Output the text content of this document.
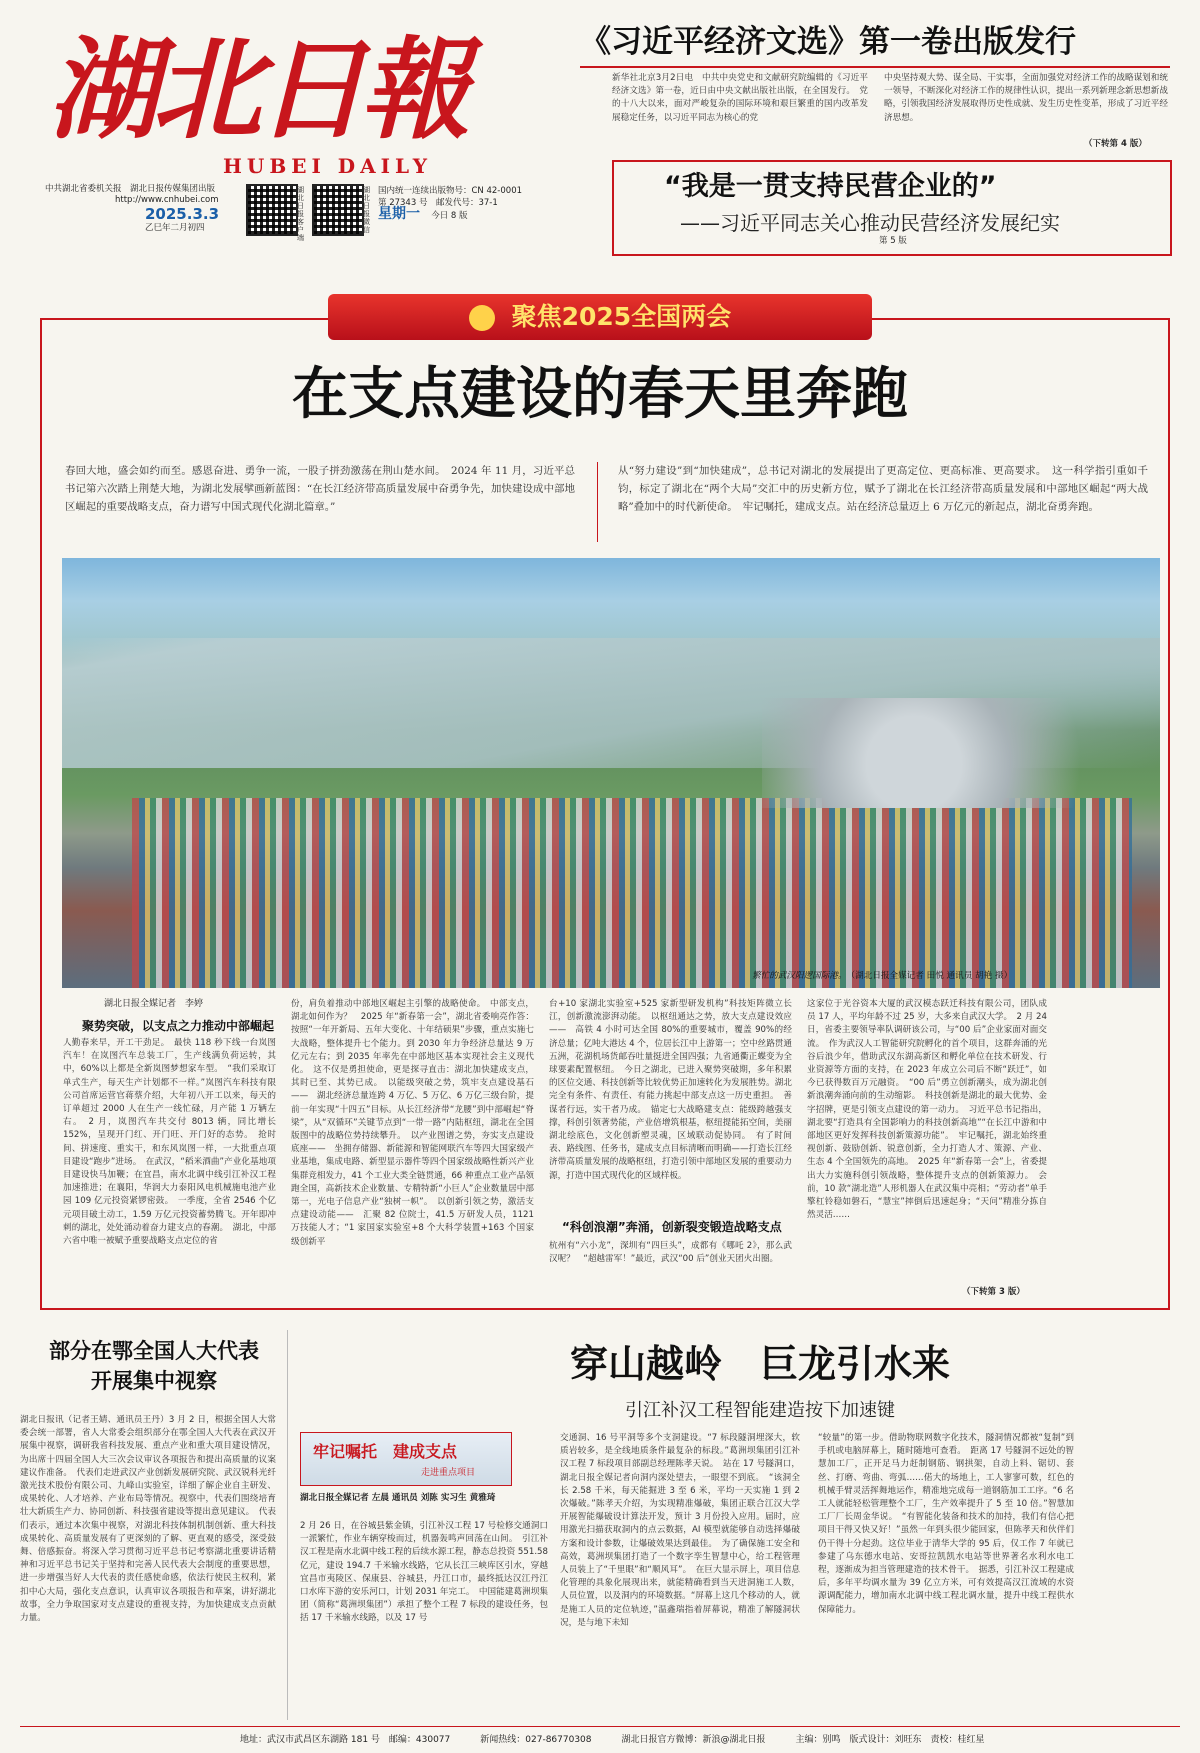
湖北日報
HUBEI DAILY
中共湖北省委机关报　 湖北日报传媒集团出版
http://www.cnhubei.com
2025.3.3
乙巳年二月初四
湖北日报客户端
湖北日报微信
国内统一连续出版物号：CN 42-0001
第 27343 号　邮发代号：37-1
星期一 　 今日 8 版
《习近平经济文选》第一卷出版发行
新华社北京3月2日电　中共中央党史和文献研究院编辑的《习近平经济文选》第一卷，近日由中央文献出版社出版，在全国发行。　党的十八大以来，面对严峻复杂的国际环境和艰巨繁重的国内改革发展稳定任务，以习近平同志为核心的党
中央坚持观大势、谋全局、干实事，全面加强党对经济工作的战略谋划和统一领导，不断深化对经济工作的规律性认识，提出一系列新理念新思想新战略，引领我国经济发展取得历史性成就、发生历史性变革，形成了习近平经济思想。
（下转第 4 版）
“我是一贯支持民营企业的”
——习近平同志关心推动民营经济发展纪实
第 5 版
聚焦2025全国两会
在支点建设的春天里奔跑
春回大地，盛会如约而至。感恩奋进、勇争一流，一股子拼劲激荡在荆山楚水间。　2024 年 11 月，习近平总书记第六次踏上荆楚大地，为湖北发展擘画新蓝图：“在长江经济带高质量发展中奋勇争先，加快建设成中部地区崛起的重要战略支点，奋力谱写中国式现代化湖北篇章。”
从“努力建设”到“加快建成”，总书记对湖北的发展提出了更高定位、更高标准、更高要求。　这一科学指引重如千钧，标定了湖北在“两个大局”交汇中的历史新方位，赋予了湖北在长江经济带高质量发展和中部地区崛起“两大战略”叠加中的时代新使命。　牢记嘱托，建成支点。站在经济总量迈上 6 万亿元的新起点，湖北奋勇奔跑。
繁忙的武汉阳逻国际港。　 （湖北日报全媒记者 田悦 通讯员 胡艳 摄）
湖北日报全媒记者　李婷
聚势突破，以支点之力推动中部崛起
人勤春来早，开工干劲足。　最快 118 秒下线一台岚图汽车！在岚图汽车总装工厂，生产线满负荷运转，其中，60%以上都是全新岚图梦想家车型。　“我们采取订单式生产，每天生产计划都不一样。”岚图汽车科技有限公司首席运营官蒋蔡介绍，大年初八开工以来，每天的订单超过 2000 人在生产一线忙碌，月产能 1 万辆左右。　2 月，岚图汽车共交付 8013 辆，同比增长 152%，呈现开门红、开门旺、开门好的态势。　抢时间、拼速度、重实干，和东风岚图一样，一大批重点项目建设“跑步”进场。　在武汉，“稻米酒曲”产业化基地项目建设快马加鞭；在宜昌，南水北调中线引江补汉工程加速推进；在襄阳，华润大力泰阳风电机械施电池产业园 109 亿元投资紧锣密鼓。　一季度，全省 2546 个亿元项目破土动工，1.59 万亿元投资蓄势腾飞。开年即冲刺的湖北，处处涌动着奋力建支点的春潮。　湖北，中部六省中唯一被赋予重要战略支点定位的省
份，肩负着推动中部地区崛起主引擎的战略使命。　中部支点，湖北如何作为？　2025 年“新春第一会”，湖北省委响亮作答：按照“一年开新局、五年大变化、十年结硕果”步骤，重点实施七大战略，整体提升七个能力。到 2030 年力争经济总量达 9 万亿元左右；到 2035 年率先在中部地区基本实现社会主义现代化。　这不仅是勇担使命，更是探寻直击：湖北加快建成支点，其时已至、其势已成。　以能级突破之势，筑牢支点建设基石——　湖北经济总量连跨 4 万亿、5 万亿、6 万亿三级台阶，提前一年实现“十四五”目标。从长江经济带“龙腰”到中部崛起“脊梁”，从“双循环”关键节点到“一带一路”内陆枢纽，湖北在全国版图中的战略位势持续攀升。　以产业图谱之势，夯实支点建设底座——　坐拥存储器、新能源和智能网联汽车等四大国家级产业基地，集成电路、新型显示器件等四个国家级战略性新兴产业集群竞相发力，41 个工业大类全链贯通，66 种重点工业产品领跑全国，高新技术企业数量、专精特新“小巨人”企业数量居中部第一，光电子信息产业“独树一帜”。　以创新引领之势，激活支点建设动能——　汇聚 82 位院士，41.5 万研发人员，1121 万技能人才；“1 家国家实验室+8 个大科学装置+163 个国家级创新平
台+10 家湖北实验室+525 家新型研发机构”科技矩阵微立长江，创新激流澎湃动能。　以枢纽通达之势，放大支点建设效应——　高铁 4 小时可达全国 80%的重要城市，覆盖 90%的经济总量；亿吨大港达 4 个，位居长江中上游第一；空中丝路贯通五洲，花湖机场货邮吞吐量挺进全国四强；九省通衢正蝶变为全球要素配置枢纽。　今日之湖北，已进入聚势突破期，多年积累的区位交通、科技创新等比较优势正加速转化为发展胜势。湖北完全有条件、有责任、有能力挑起中部支点这一历史重担。　善谋者行远，实干者乃成。　锚定七大战略建支点：能级跨越强支撑，科创引领著势能，产业倍增筑根基，枢纽提能拓空间，美丽湖北绘底色，文化创新塑灵魂，区域联动促协同。　有了时间表、路线图、任务书，建成支点目标清晰而明确——打造长江经济带高质量发展的战略枢纽，打造引领中部地区发展的重要动力源，打造中国式现代化的区域样板。
“科创浪潮”奔涌，创新裂变锻造战略支点
杭州有“六小龙”，深圳有“四巨头”，成都有《哪吒 2》，那么武汉呢？　“超越雷军！”最近，武汉“00 后”创业天团火出圈。
这家位于光谷资本大厦的武汉模态跃迁科技有限公司，团队成员 17 人，平均年龄不过 25 岁，大多来自武汉大学。　2 月 24 日，省委主要领导率队调研该公司，与“00 后”企业家面对面交流。　作为武汉人工智能研究院孵化的首个项目，这群奔涌的光谷后浪少年，借助武汉东湖高新区和孵化单位在技术研发、行业资源等方面的支持，在 2023 年成立公司后不断“跃迁”，如今已获得数百万元融资。　“00 后”勇立创新潮头，成为湖北创新浪潮奔涌向前的生动缩影。　科技创新是湖北的最大优势、金字招牌，更是引领支点建设的第一动力。　习近平总书记指出，湖北要“打造具有全国影响力的科技创新高地”“在长江中游和中部地区更好发挥科技创新策源功能”。　牢记嘱托，湖北始终重视创新、鼓励创新、锐意创新，全力打造人才、策源、产业、生态 4 个全国领先的高地。　2025 年“新春第一会”上，省委提出大力实施科创引领战略，整体提升支点的创新策源力。　会前，10 款“湖北造”人形机器人在武汉集中亮相；“劳动者”单手擎杠铃稳如磐石，“慧宝”摔倒后迅速起身；“天问”精准分拣自然灵活……
（下转第 3 版）
部分在鄂全国人大代表
开展集中视察
湖北日报讯（记者王婧、通讯员王丹）3 月 2 日，根据全国人大常委会统一部署，省人大常委会组织部分在鄂全国人大代表在武汉开展集中视察，调研我省科技发展、重点产业和重大项目建设情况，为出席十四届全国人大三次会议审议各项报告和提出高质量的议案建议作准备。　代表们走进武汉产业创新发展研究院、武汉锐科光纤激光技术股份有限公司、九峰山实验室，详细了解企业自主研发、成果转化、人才培养、产业布局等情况。视察中，代表们围绕培育壮大新质生产力、协同创新、科技强省建设等提出意见建议。　代表们表示，通过本次集中视察，对湖北科技体制机制创新、重大科技成果转化、高质量发展有了更深刻的了解、更直观的感受，深受鼓舞、倍感振奋。将深入学习贯彻习近平总书记考察湖北重要讲话精神和习近平总书记关于坚持和完善人民代表大会制度的重要思想，进一步增强当好人大代表的责任感使命感，依法行使民主权利，紧扣中心大局，强化支点意识，认真审议各项报告和草案，讲好湖北故事，全力争取国家对支点建设的重视支持，为加快建成支点贡献力量。
穿山越岭　巨龙引水来
引江补汉工程智能建造按下加速键
牢记嘱托　建成支点
走进重点项目
湖北日报全媒记者 左晨 通讯员 刘陈 实习生 黄雅琦
2 月 26 日，在谷城县紫金镇，引江补汉工程 17 号检修交通洞口一派繁忙，作业车辆穿梭而过，机器轰鸣声回荡在山间。　引江补汉工程是南水北调中线工程的后续水源工程，静态总投资 551.58 亿元，建设 194.7 千米输水线路，它从长江三峡库区引水，穿越宜昌市夷陵区、保康县、谷城县，丹江口市，最终抵达汉江丹江口水库下游的安乐河口，计划 2031 年完工。　中国能建葛洲坝集团（简称“葛洲坝集团”）承担了整个工程 7 标段的建设任务，包括 17 千米输水线路，以及 17 号
交通洞、16 号平洞等多个支洞建设。“7 标段隧洞埋深大，软质岩较多，是全线地质条件最复杂的标段。”葛洲坝集团引江补汉工程 7 标段项目部副总经理陈孝天说。　站在 17 号隧洞口，湖北日报全媒记者向洞内深处望去，一眼望不到底。　“该洞全长 2.58 千米，每天能掘进 3 至 6 米，平均一天实施 1 到 2 次爆破。”陈孝天介绍，为实现精准爆破，集团正联合江汉大学开展智能爆破设计算法开发，预计 3 月份投入应用。届时，应用激光扫描获取洞内的点云数据，AI 模型就能够自动选择爆破方案和设计参数，让爆破效果达到最佳。　为了确保施工安全和高效，葛洲坝集团打造了一个数字孪生智慧中心，给工程管理人员装上了“千里眼”和“顺风耳”。　在巨大显示屏上，项目信息化管理的具象化展现出来，就能精确看到当天进洞施工人数，人员位置，以及洞内的环境数据。“屏幕上这几个移动的人，就是施工人员的定位轨迹，”温鑫瑞指着屏幕说，精准了解隧洞状况，是与地下未知
“较量”的第一步。借助物联网数字化技术，隧洞情况都被“复制”到手机或电脑屏幕上，随时随地可查看。　距离 17 号隧洞不远处的智慧加工厂，正开足马力赶制钢筋、钢拱架，自动上料、锯切、套丝、打磨、弯曲、弯弧……偌大的场地上，工人寥寥可数，红色的机械手臂灵活挥舞地运作，精准地完成每一道钢筋加工工序。“6 名工人就能轻松管理整个工厂，生产效率提升了 5 至 10 倍。”智慧加工厂厂长周金华说。　“有智能化装备和技术的加持，我们有信心把项目干得又快又好！”虽然一年到头很少能回家，但陈孝天和伙伴们仍干得十分起劲。这位毕业于清华大学的 95 后，仅工作 7 年就已参建了乌东德水电站、安哥拉凯凯水电站等世界著名水利水电工程，逐渐成为担当管理建造的技术骨干。　据悉，引江补汉工程建成后，多年平均调水量为 39 亿立方米，可有效提高汉江流域的水资源调配能力，增加南水北调中线工程北调水量，提升中线工程供水保障能力。
地址：武汉市武昌区东湖路 181 号　邮编：430077	新闻热线：027-86770308	湖北日报官方微博：新浪@湖北日报	主编：别鸣　版式设计：刘旺东　责校：桂红星
